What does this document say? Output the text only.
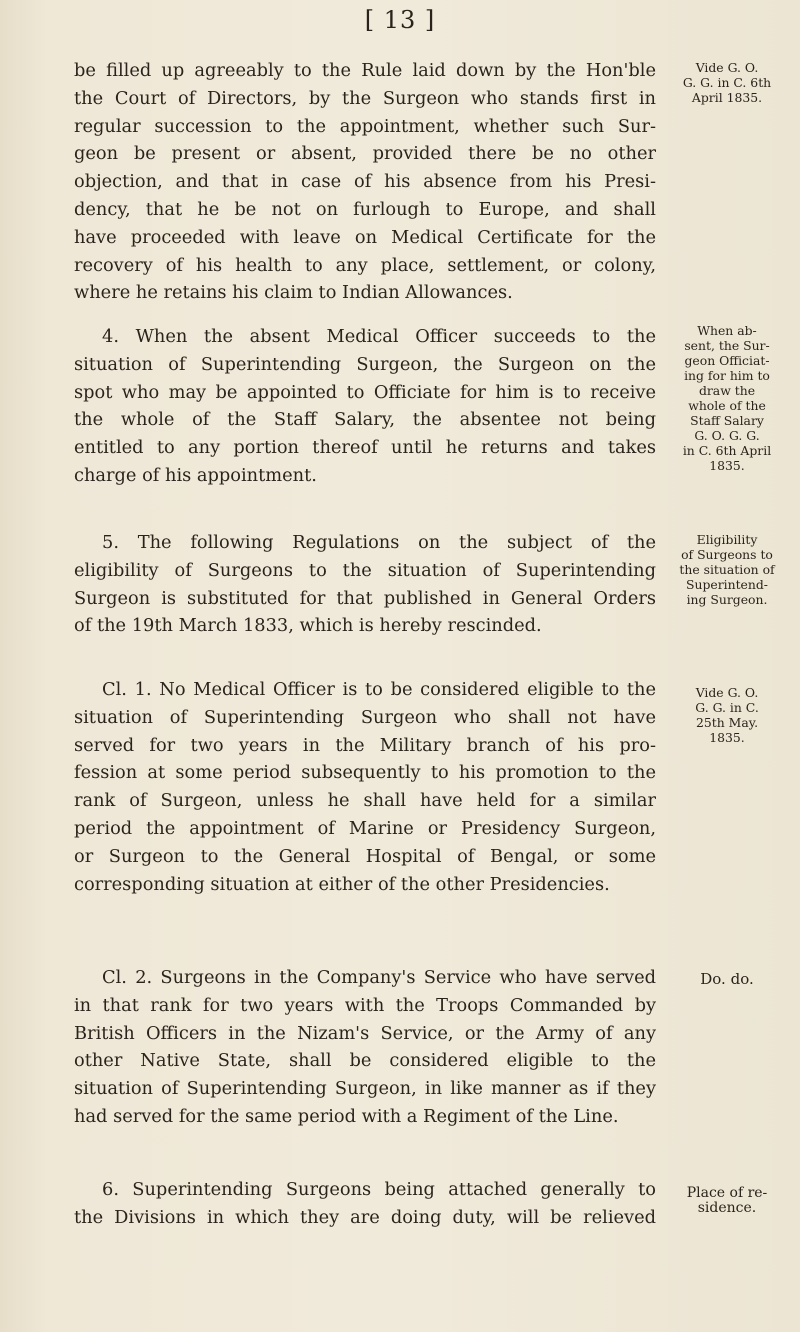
[ 13 ]
be filled up agreeably to the Rule laid down by the Hon'ble
the Court of Directors, by the Surgeon who stands first in
regular succession to the appointment, whether such Sur-
geon be present or absent, provided there be no other
objection, and that in case of his absence from his Presi-
dency, that he be not on furlough to Europe, and shall
have proceeded with leave on Medical Certificate for the
recovery of his health to any place, settlement, or colony,
where he retains his claim to Indian Allowances.
Vide G. O.
G. G. in C. 6th
April 1835.
4. When the absent Medical Officer succeeds to the
situation of Superintending Surgeon, the Surgeon on the
spot who may be appointed to Officiate for him is to receive
the whole of the Staff Salary, the absentee not being
entitled to any portion thereof until he returns and takes
charge of his appointment.
When ab-
sent, the Sur-
geon Officiat-
ing for him to
draw the
whole of the
Staff Salary
G. O. G. G.
in C. 6th April
1835.
5. The following Regulations on the subject of the
eligibility of Surgeons to the situation of Superintending
Surgeon is substituted for that published in General Orders
of the 19th March 1833, which is hereby rescinded.
Eligibility
of Surgeons to
the situation of
Superintend-
ing Surgeon.
Cl. 1. No Medical Officer is to be considered eligible to the
situation of Superintending Surgeon who shall not have
served for two years in the Military branch of his pro-
fession at some period subsequently to his promotion to the
rank of Surgeon, unless he shall have held for a similar
period the appointment of Marine or Presidency Surgeon,
or Surgeon to the General Hospital of Bengal, or some
corresponding situation at either of the other Presidencies.
Vide G. O.
G. G. in C.
25th May.
1835.
Cl. 2. Surgeons in the Company's Service who have served
in that rank for two years with the Troops Commanded by
British Officers in the Nizam's Service, or the Army of any
other Native State, shall be considered eligible to the
situation of Superintending Surgeon, in like manner as if they
had served for the same period with a Regiment of the Line.
Do. do.
6. Superintending Surgeons being attached generally to
the Divisions in which they are doing duty, will be relieved
Place of re-
sidence.
